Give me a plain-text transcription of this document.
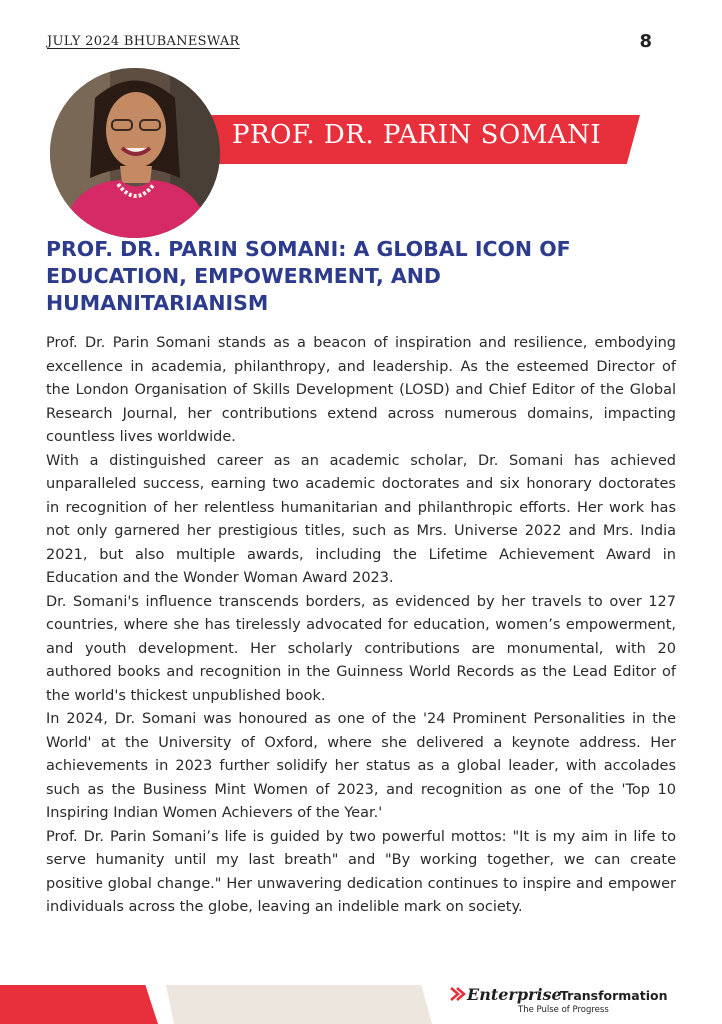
JULY 2024 BHUBANESWAR	8
PROF. DR. PARIN SOMANI
PROF. DR. PARIN SOMANI: A GLOBAL ICON OF EDUCATION, EMPOWERMENT, AND HUMANITARIANISM

Prof. Dr. Parin Somani stands as a beacon of inspiration and resilience, embodying excellence in academia, philanthropy, and leadership. As the esteemed Director of the London Organisation of Skills Development (LOSD) and Chief Editor of the Global Research Journal, her contributions extend across numerous domains, impacting countless lives worldwide.

With a distinguished career as an academic scholar, Dr. Somani has achieved unparalleled success, earning two academic doctorates and six honorary doctorates in recognition of her relentless humanitarian and philanthropic efforts. Her work has not only garnered her prestigious titles, such as Mrs. Universe 2022 and Mrs. India 2021, but also multiple awards, including the Lifetime Achievement Award in Education and the Wonder Woman Award 2023.

Dr. Somani's influence transcends borders, as evidenced by her travels to over 127 countries, where she has tirelessly advocated for education, women’s empowerment, and youth development. Her scholarly contributions are monumental, with 20 authored books and recognition in the Guinness World Records as the Lead Editor of the world's thickest unpublished book.

In 2024, Dr. Somani was honoured as one of the '24 Prominent Personalities in the World' at the University of Oxford, where she delivered a keynote address. Her achievements in 2023 further solidify her status as a global leader, with accolades such as the Business Mint Women of 2023, and recognition as one of the 'Top 10 Inspiring Indian Women Achievers of the Year.'

Prof. Dr. Parin Somani’s life is guided by two powerful mottos: "It is my aim in life to serve humanity until my last breath" and "By working together, we can create positive global change." Her unwavering dedication continues to inspire and empower individuals across the globe, leaving an indelible mark on society.

Enterprise
Transformation
The Pulse of Progress
